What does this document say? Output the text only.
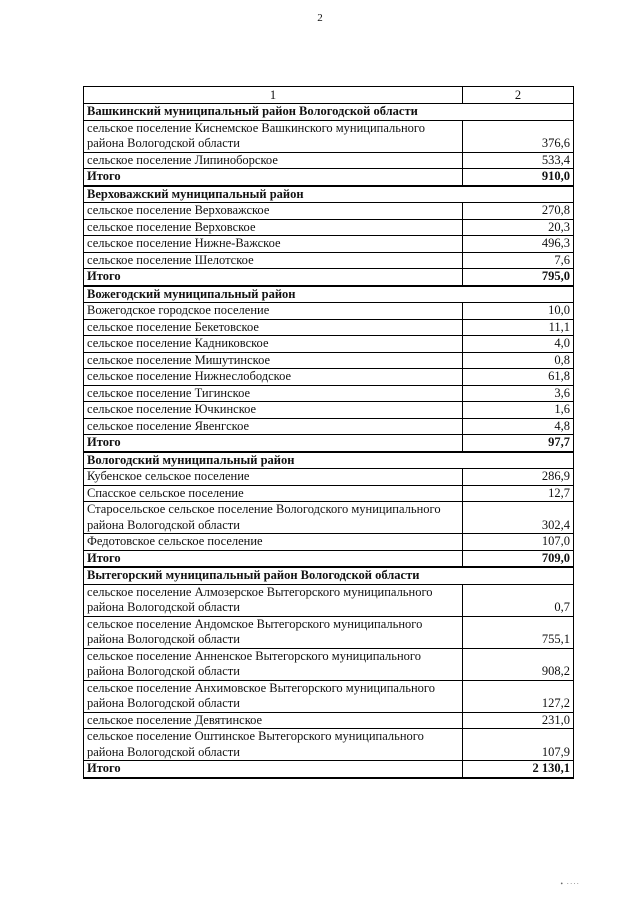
2
1	2
Вашкинский муниципальный район Вологодской области	
сельское поселение Киснемское Вашкинского муниципального района Вологодской области	376,6
сельское поселение Липиноборское	533,4
Итого	910,0
Верховажский муниципальный район	
сельское поселение Верховажское	270,8
сельское поселение Верховское	20,3
сельское поселение Нижне-Важское	496,3
сельское поселение Шелотское	7,6
Итого	795,0
Вожегодский муниципальный район	
Вожегодское городское поселение	10,0
сельское поселение Бекетовское	11,1
сельское поселение Кадниковское	4,0
сельское поселение Мишутинское	0,8
сельское поселение Нижнеслободское	61,8
сельское поселение Тигинское	3,6
сельское поселение Ючкинское	1,6
сельское поселение Явенгское	4,8
Итого	97,7
Вологодский муниципальный район	
Кубенское сельское поселение	286,9
Спасское сельское поселение	12,7
Старосельское сельское поселение Вологодского муниципального района Вологодской области	302,4
Федотовское сельское поселение	107,0
Итого	709,0
Вытегорский муниципальный район Вологодской области	
сельское поселение Алмозерское Вытегорского муниципального района Вологодской области	0,7
сельское поселение Андомское Вытегорского муниципального района Вологодской области	755,1
сельское поселение Анненское Вытегорского муниципального района Вологодской области	908,2
сельское поселение Анхимовское Вытегорского муниципального района Вологодской области	127,2
сельское поселение Девятинское	231,0
сельское поселение Оштинское Вытегорского муниципального района Вологодской области	107,9
Итого	2 130,1
• ····
